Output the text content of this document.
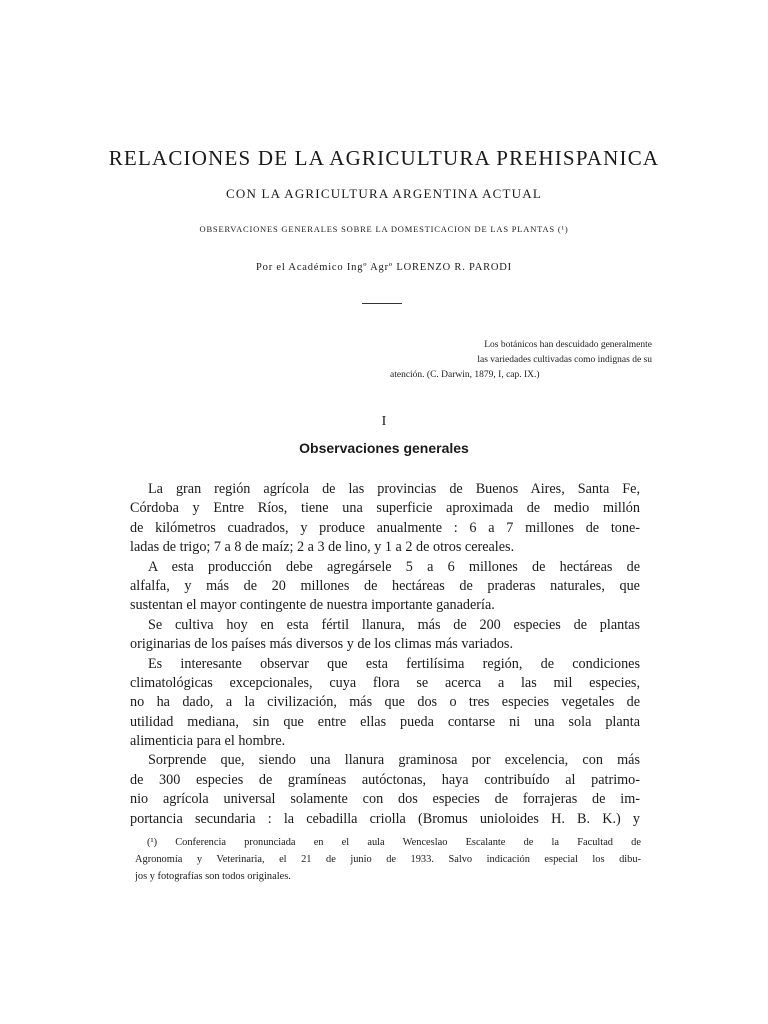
RELACIONES DE LA AGRICULTURA PREHISPANICA
CON LA AGRICULTURA ARGENTINA ACTUAL
OBSERVACIONES GENERALES SOBRE LA DOMESTICACION DE LAS PLANTAS (¹)
Por el Académico Ingº Agrº LORENZO R. PARODI
Los botánicos han descuidado generalmente
las variedades cultivadas como indignas de su
atención. (C. Darwin, 1879, I, cap. IX.)
I
Observaciones generales
La gran región agrícola de las provincias de Buenos Aires, Santa Fe,
Córdoba y Entre Ríos, tiene una superficie aproximada de medio millón
de kilómetros cuadrados, y produce anualmente : 6 a 7 millones de tone-
ladas de trigo; 7 a 8 de maíz; 2 a 3 de lino, y 1 a 2 de otros cereales.
A esta producción debe agregársele 5 a 6 millones de hectáreas de
alfalfa, y más de 20 millones de hectáreas de praderas naturales, que
sustentan el mayor contingente de nuestra importante ganadería.
Se cultiva hoy en esta fértil llanura, más de 200 especies de plantas
originarias de los países más diversos y de los climas más variados.
Es interesante observar que esta fertilísima región, de condiciones
climatológicas excepcionales, cuya flora se acerca a las mil especies,
no ha dado, a la civilización, más que dos o tres especies vegetales de
utilidad mediana, sin que entre ellas pueda contarse ni una sola planta
alimenticia para el hombre.
Sorprende que, siendo una llanura graminosa por excelencia, con más
de 300 especies de gramíneas autóctonas, haya contribuído al patrimo-
nio agrícola universal solamente con dos especies de forrajeras de im-
portancia secundaria : la cebadilla criolla (Bromus unioloides H. B. K.) y
(¹) Conferencia pronunciada en el aula Wenceslao Escalante de la Facultad de
Agronomía y Veterinaria, el 21 de junio de 1933. Salvo indicación especial los dibu-
jos y fotografías son todos originales.
